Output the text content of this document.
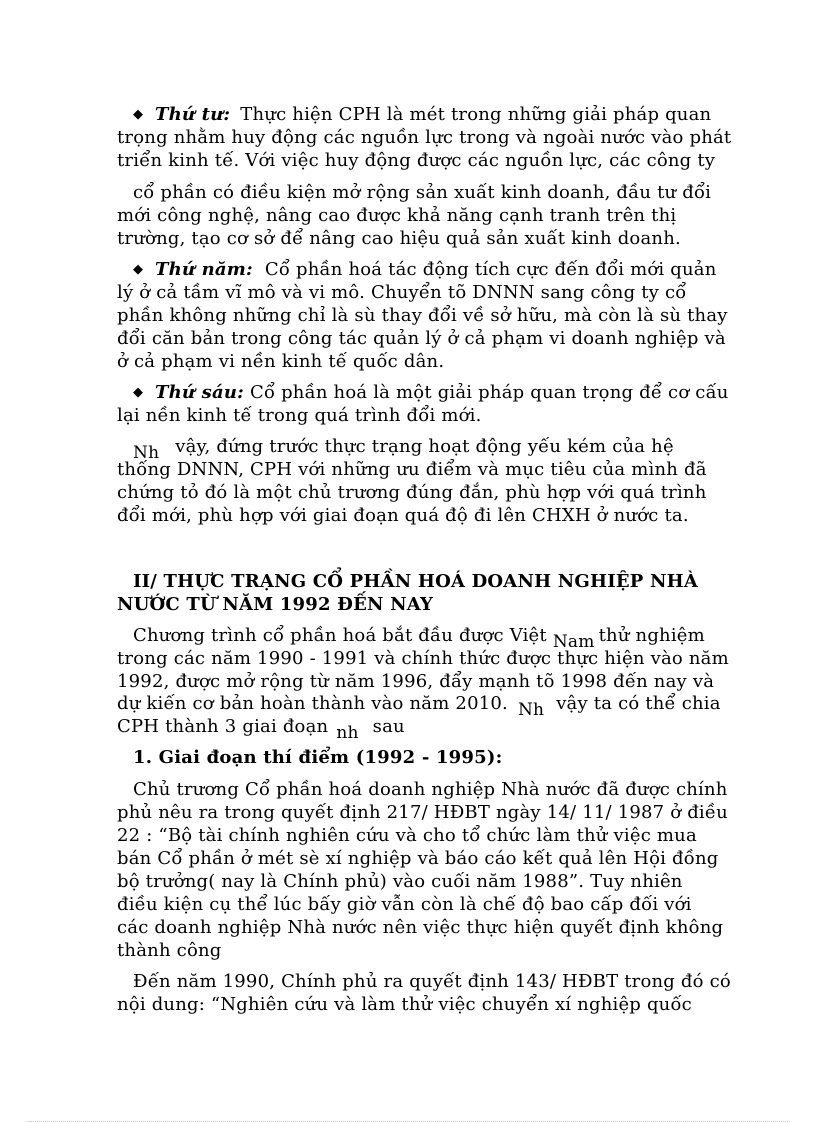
◆ Thứ tư: Thực hiện CPH là mét trong những giải pháp quan
trọng nhằm huy động các nguồn lực trong và ngoài nước vào phát
triển kinh tế. Với việc huy động được các nguồn lực, các công ty
cổ phần có điều kiện mở rộng sản xuất kinh doanh, đầu tư đổi
mới công nghệ, nâng cao được khả năng cạnh tranh trên thị
trường, tạo cơ sở để nâng cao hiệu quả sản xuất kinh doanh.
◆ Thứ năm: Cổ phần hoá tác động tích cực đến đổi mới quản
lý ở cả tầm vĩ mô và vi mô. Chuyển tõ DNNN sang công ty cổ
phần không những chỉ là sù thay đổi về sở hữu, mà còn là sù thay
đổi căn bản trong công tác quản lý ở cả phạm vi doanh nghiệp và
ở cả phạm vi nền kinh tế quốc dân.
◆ Thứ sáu: Cổ phần hoá là một giải pháp quan trọng để cơ cấu
lại nền kinh tế trong quá trình đổi mới.
Nh vậy, đứng trước thực trạng hoạt động yếu kém của hệ
thống DNNN, CPH với những ưu điểm và mục tiêu của mình đã
chứng tỏ đó là một chủ trương đúng đắn, phù hợp với quá trình
đổi mới, phù hợp với giai đoạn quá độ đi lên CHXH ở nước ta.
II/ THỰC TRẠNG CỔ PHẦN HOÁ DOANH NGHIỆP NHÀ
NƯỚC TỪ NĂM 1992 ĐẾN NAY
Chương trình cổ phần hoá bắt đầu được Việt Nam thử nghiệm
trong các năm 1990 - 1991 và chính thức được thực hiện vào năm
1992, được mở rộng từ năm 1996, đẩy mạnh tõ 1998 đến nay và
dự kiến cơ bản hoàn thành vào năm 2010. Nh vậy ta có thể chia
CPH thành 3 giai đoạn nh sau
1. Giai đoạn thí điểm (1992 - 1995):
Chủ trương Cổ phần hoá doanh nghiệp Nhà nước đã được chính
phủ nêu ra trong quyết định 217/ HĐBT ngày 14/ 11/ 1987 ở điều
22 : “Bộ tài chính nghiên cứu và cho tổ chức làm thử việc mua
bán Cổ phần ở mét sè xí nghiệp và báo cáo kết quả lên Hội đồng
bộ trưởng( nay là Chính phủ) vào cuối năm 1988”. Tuy nhiên
điều kiện cụ thể lúc bấy giờ vẫn còn là chế độ bao cấp đối với
các doanh nghiệp Nhà nước nên việc thực hiện quyết định không
thành công
Đến năm 1990, Chính phủ ra quyết định 143/ HĐBT trong đó có
nội dung: “Nghiên cứu và làm thử việc chuyển xí nghiệp quốc
